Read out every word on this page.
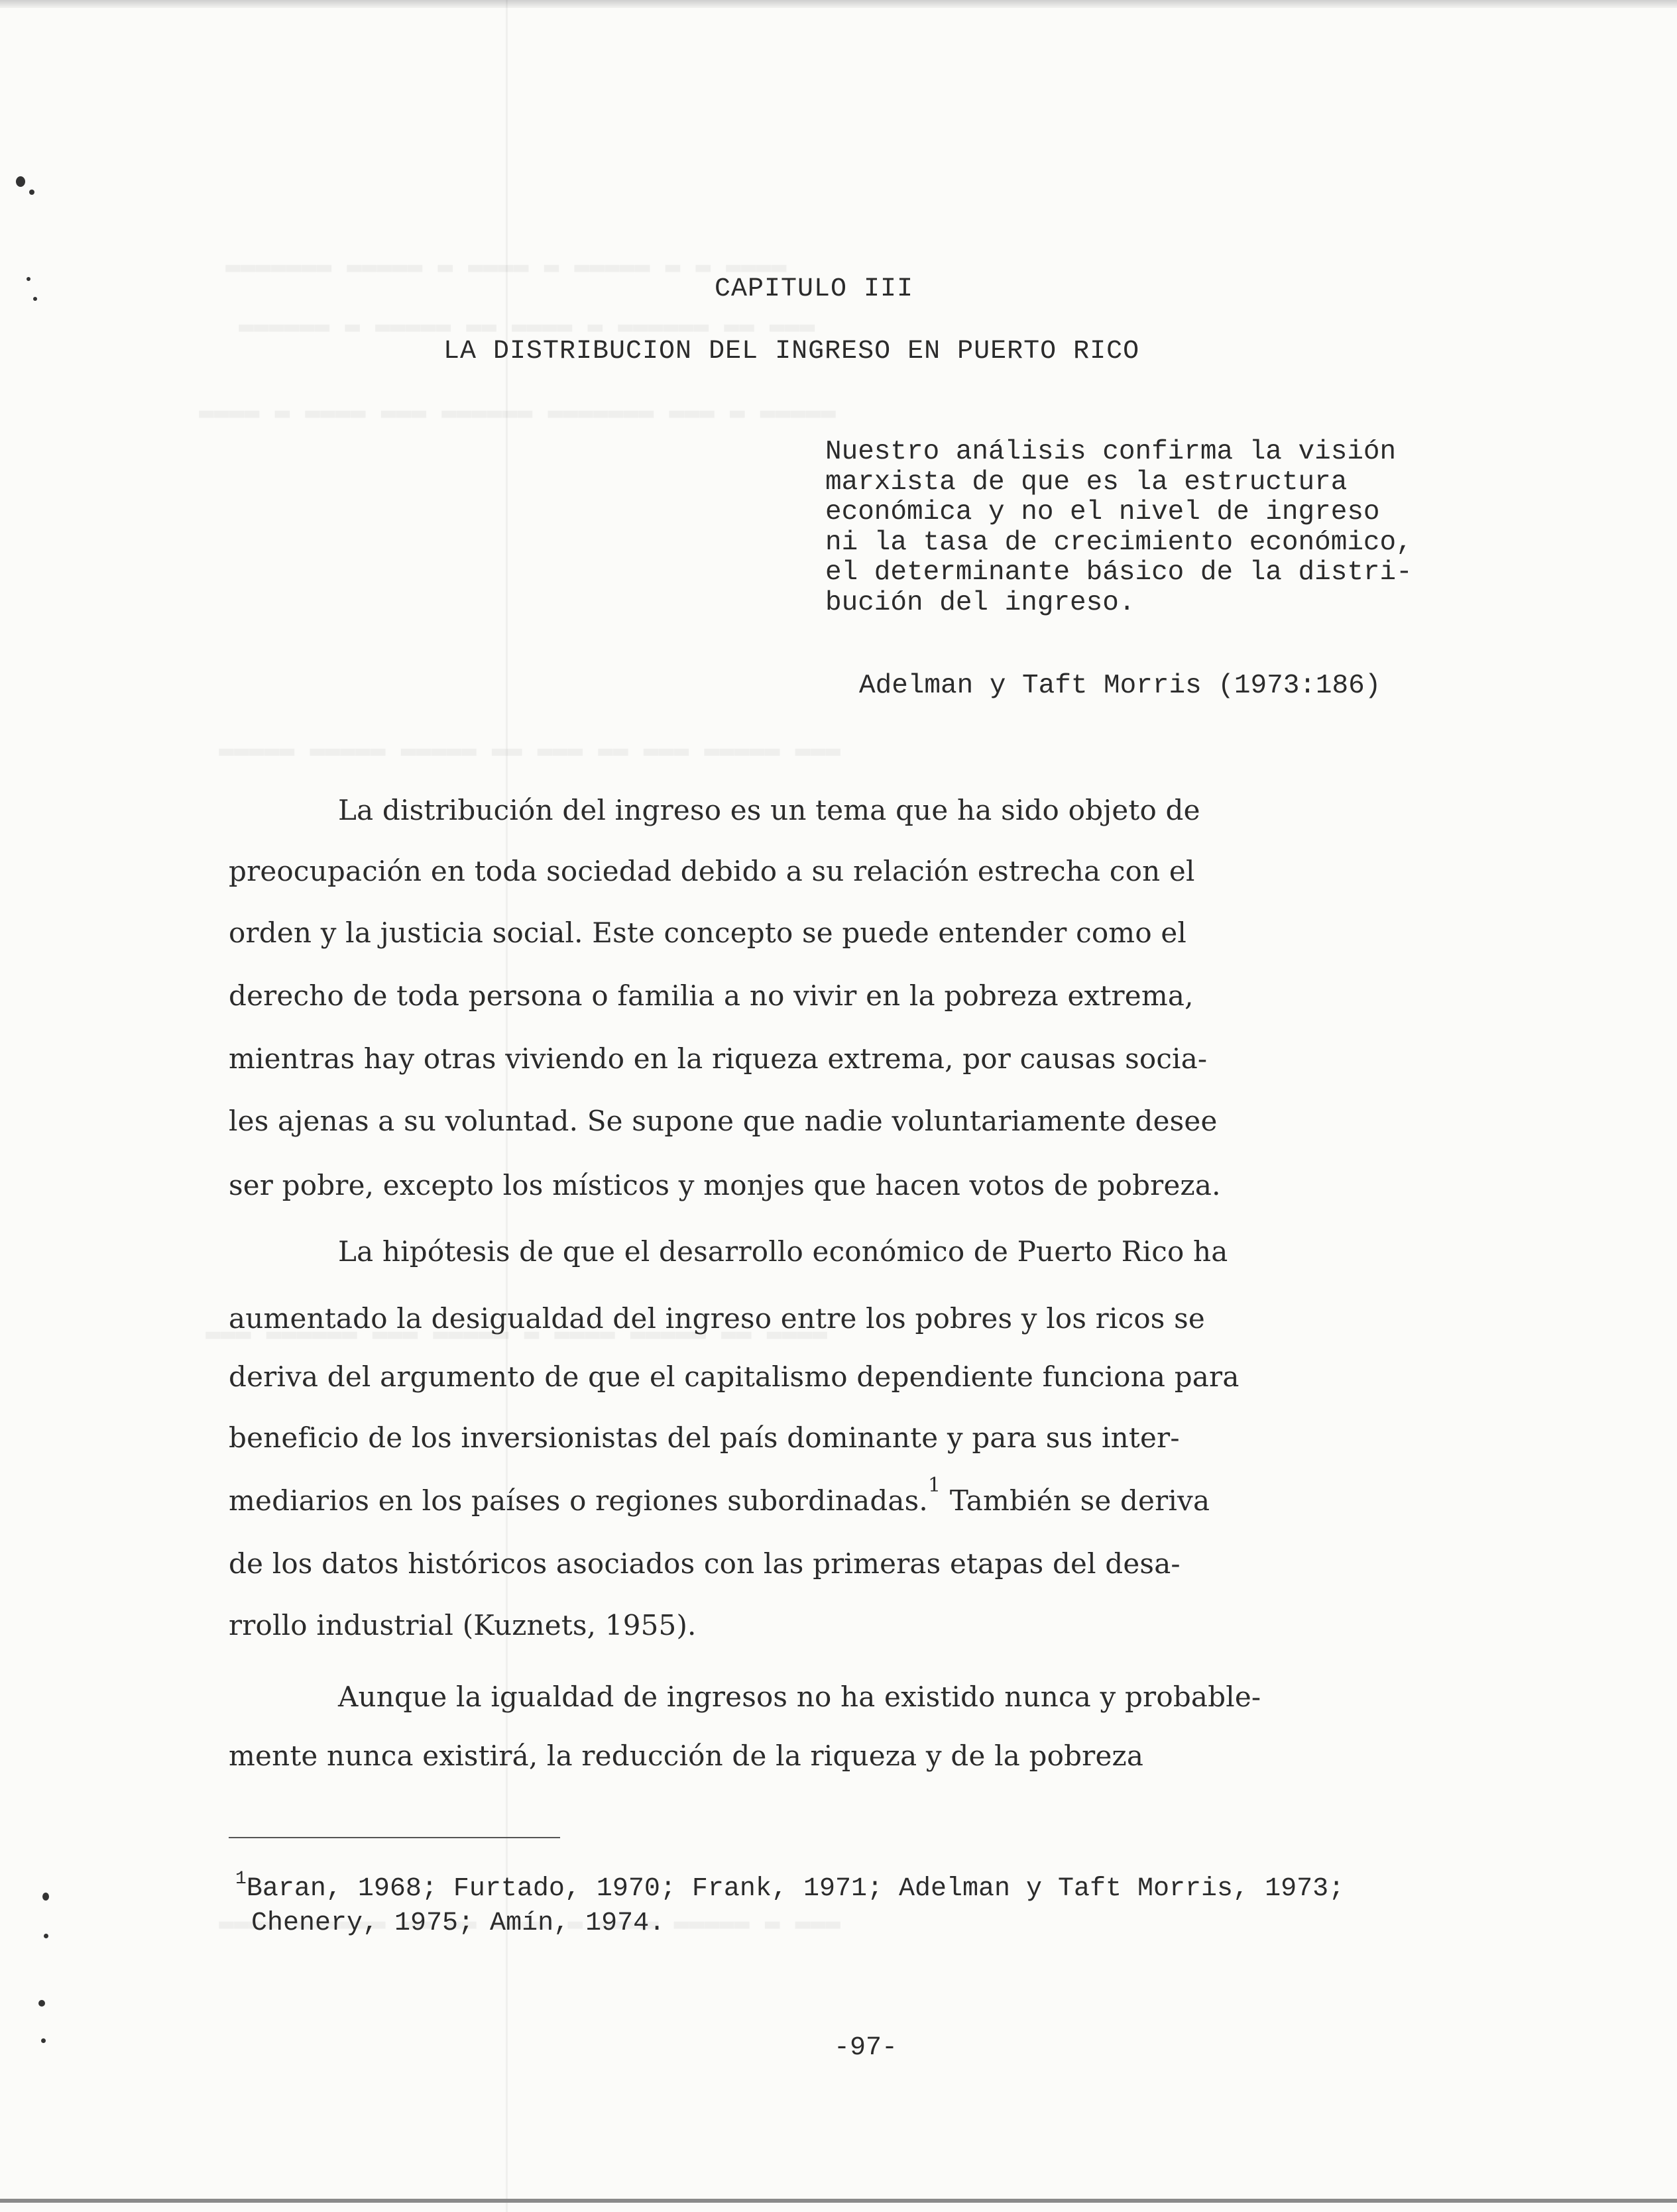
CAPITULO III
LA DISTRIBUCION DEL INGRESO EN PUERTO RICO
Nuestro análisis confirma la visión
marxista de que es la estructura
económica y no el nivel de ingreso
ni la tasa de crecimiento económico,
el determinante básico de la distri-
bución del ingreso.
Adelman y Taft Morris (1973:186)
La distribución del ingreso es un tema que ha sido objeto de
preocupación en toda sociedad debido a su relación estrecha con el
orden y la justicia social. Este concepto se puede entender como el
derecho de toda persona o familia a no vivir en la pobreza extrema,
mientras hay otras viviendo en la riqueza extrema, por causas socia-
les ajenas a su voluntad. Se supone que nadie voluntariamente desee
ser pobre, excepto los místicos y monjes que hacen votos de pobreza.
La hipótesis de que el desarrollo económico de Puerto Rico ha
aumentado la desigualdad del ingreso entre los pobres y los ricos se
deriva del argumento de que el capitalismo dependiente funciona para
beneficio de los inversionistas del país dominante y para sus inter-
mediarios en los países o regiones subordinadas.$^1$ También se deriva
de los datos históricos asociados con las primeras etapas del desa-
rrollo industrial (Kuznets, 1955).
Aunque la igualdad de ingresos no ha existido nunca y probable-
mente nunca existirá, la reducción de la riqueza y de la pobreza
$^1$Baran, 1968; Furtado, 1970; Frank, 1971; Adelman y Taft Morris, 1973;
Chenery, 1975; Amín, 1974.
-97-
